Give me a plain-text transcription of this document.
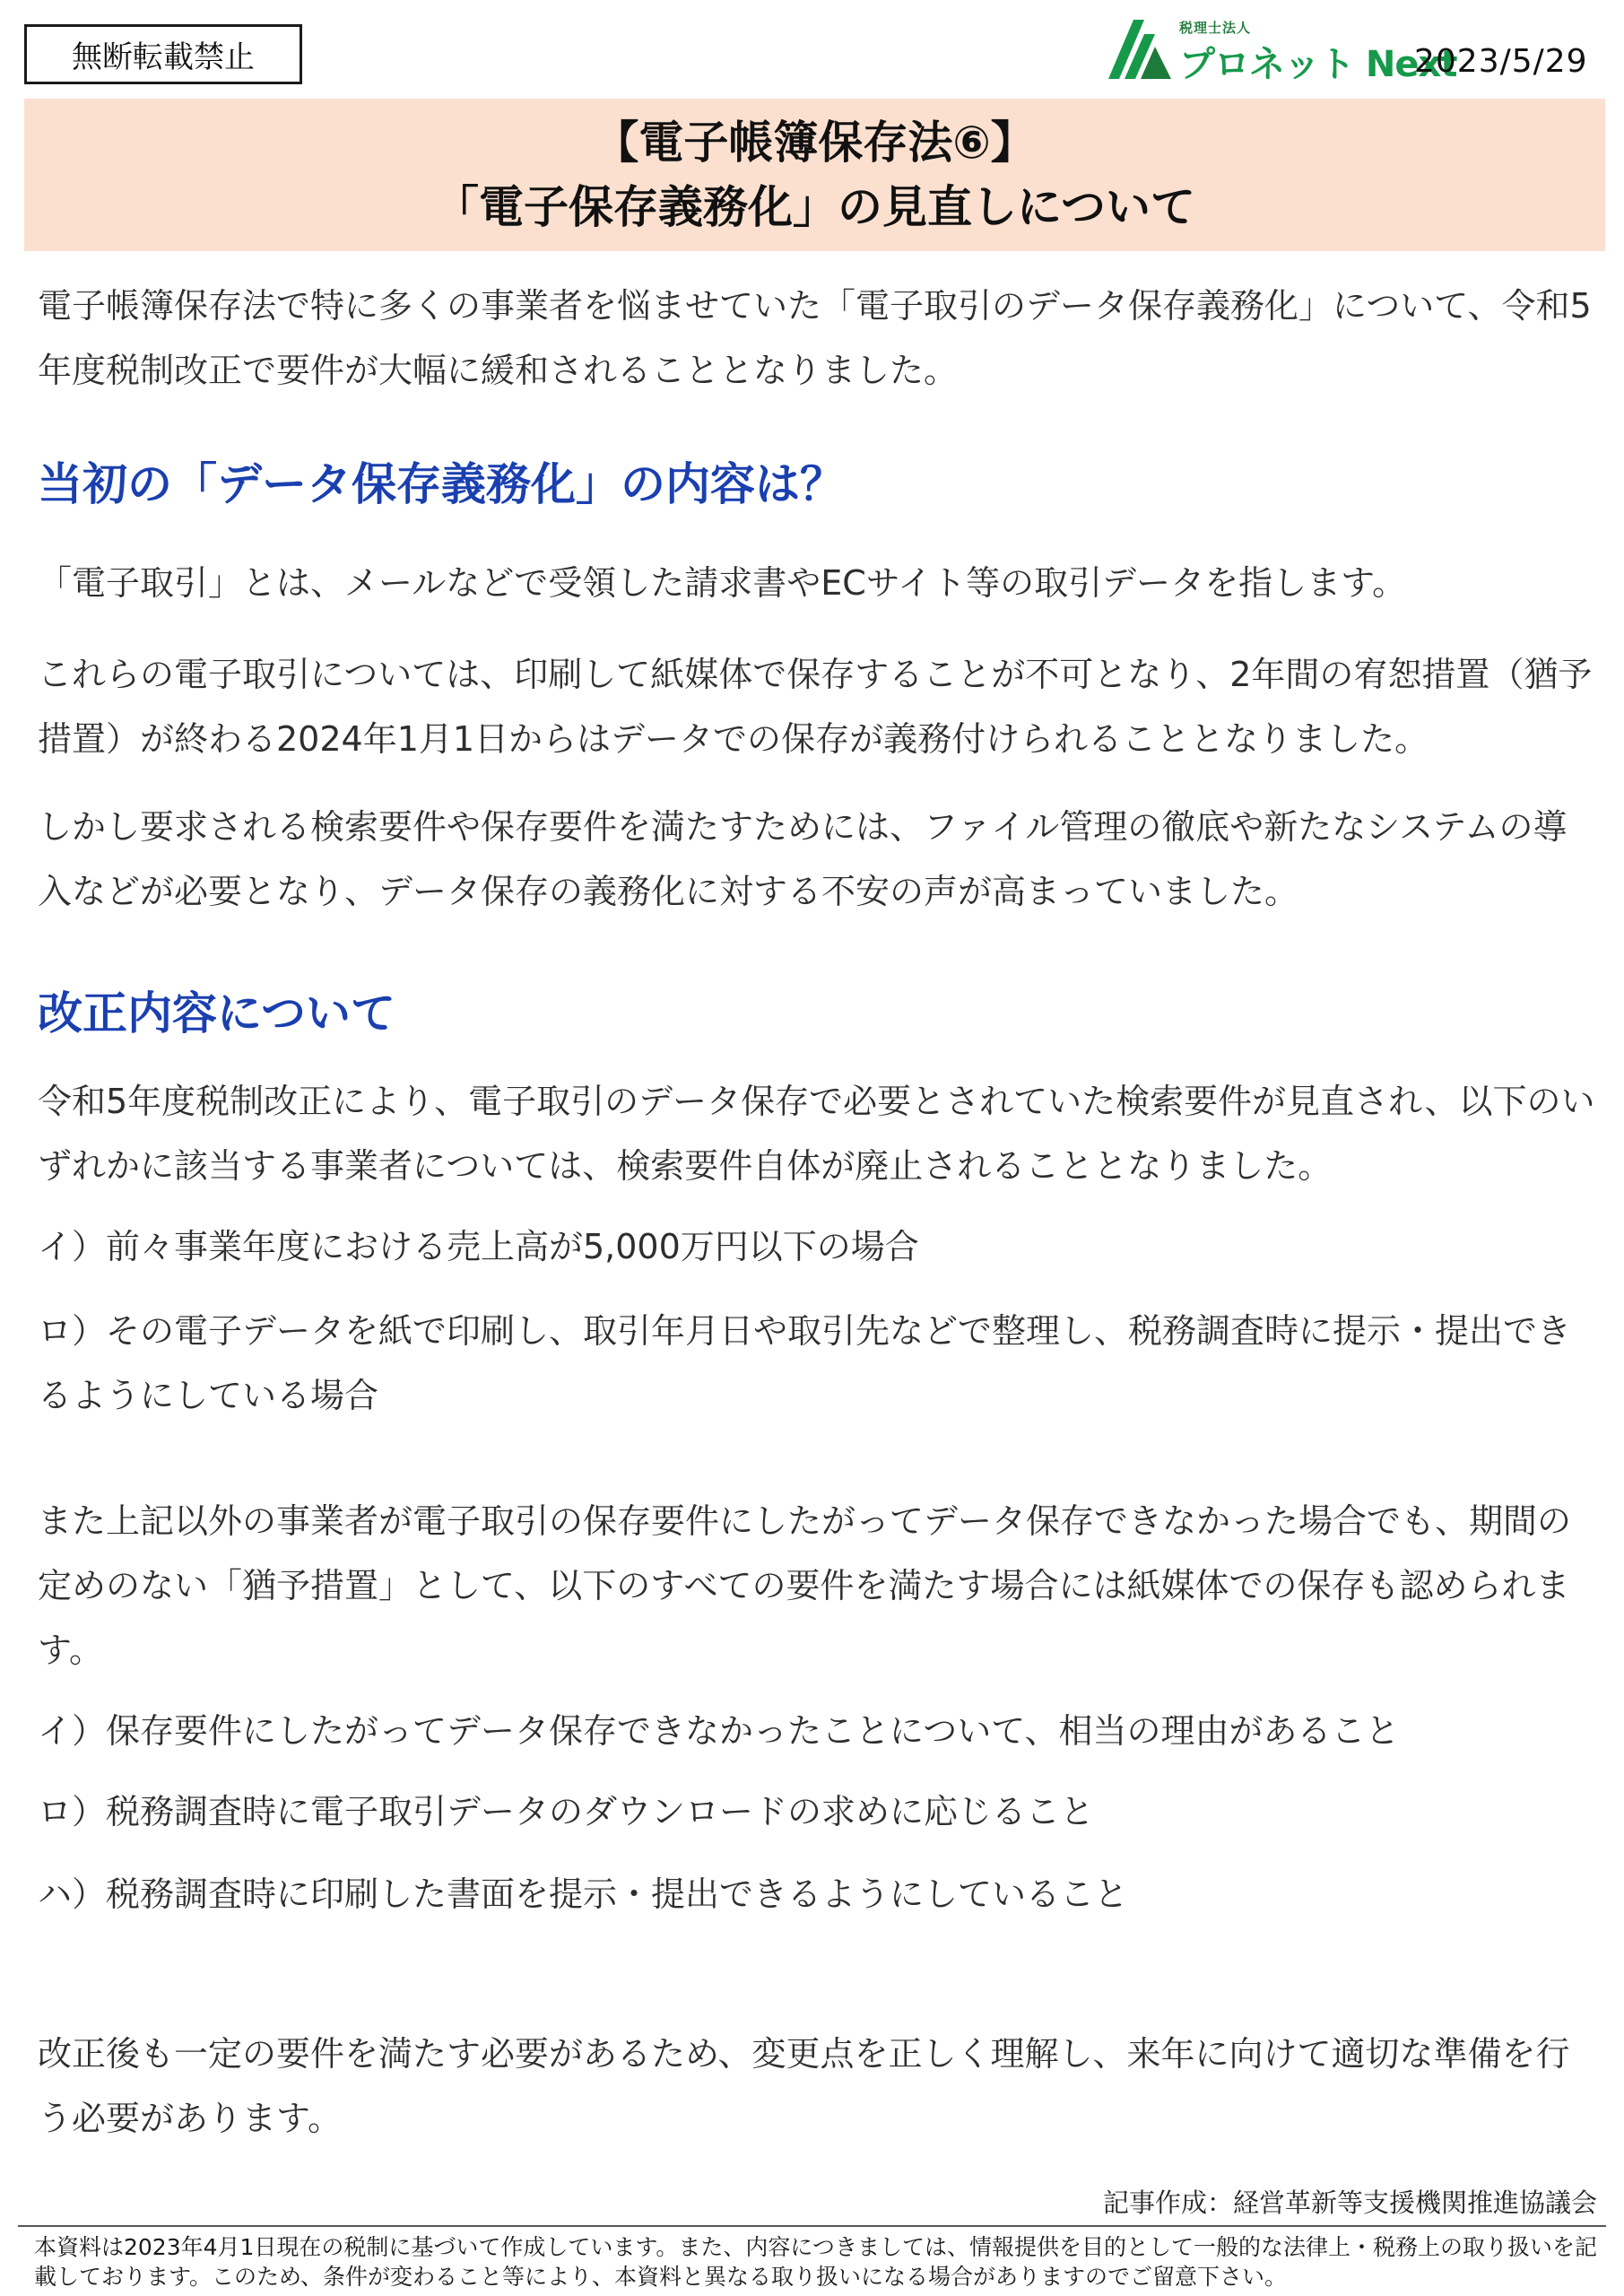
無断転載禁止
税理士法人
プロネット Next
2023/5/29
【電子帳簿保存法⑥】
「電子保存義務化」の見直しについて

電子帳簿保存法で特に多くの事業者を悩ませていた「電子取引のデータ保存義務化」について、令和5年度税制改正で要件が大幅に緩和されることとなりました。

当初の「データ保存義務化」の内容は？

「電子取引」とは、メールなどで受領した請求書やECサイト等の取引データを指します。

これらの電子取引については、印刷して紙媒体で保存することが不可となり、2年間の宥恕措置（猶予措置）が終わる2024年1月1日からはデータでの保存が義務付けられることとなりました。

しかし要求される検索要件や保存要件を満たすためには、ファイル管理の徹底や新たなシステムの導入などが必要となり、データ保存の義務化に対する不安の声が高まっていました。

改正内容について

令和5年度税制改正により、電子取引のデータ保存で必要とされていた検索要件が見直され、以下のいずれかに該当する事業者については、検索要件自体が廃止されることとなりました。

イ）前々事業年度における売上高が5,000万円以下の場合

ロ）その電子データを紙で印刷し、取引年月日や取引先などで整理し、税務調査時に提示・提出できるようにしている場合

また上記以外の事業者が電子取引の保存要件にしたがってデータ保存できなかった場合でも、期間の定めのない「猶予措置」として、以下のすべての要件を満たす場合には紙媒体での保存も認められます。

イ）保存要件にしたがってデータ保存できなかったことについて、相当の理由があること

ロ）税務調査時に電子取引データのダウンロードの求めに応じること

ハ）税務調査時に印刷した書面を提示・提出できるようにしていること

改正後も一定の要件を満たす必要があるため、変更点を正しく理解し、来年に向けて適切な準備を行う必要があります。

記事作成：経営革新等支援機関推進協議会

本資料は2023年4月1日現在の税制に基づいて作成しています。また、内容につきましては、情報提供を目的として一般的な法律上・税務上の取り扱いを記載しております。このため、条件が変わること等により、本資料と異なる取り扱いになる場合がありますのでご留意下さい。
